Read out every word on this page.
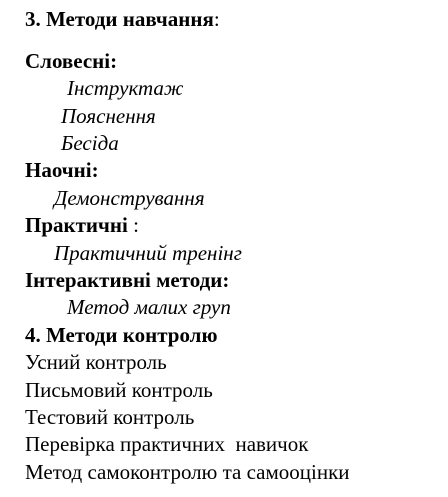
3. Методи навчання:
Словесні:
Інструктаж
Пояснення
Бесіда
Наочні:
Демонстрування
Практичні :
Практичний тренінг
Інтерактивні методи:
Метод малих груп
4. Методи контролю
Усний контроль
Письмовий контроль
Тестовий контроль
Перевірка практичних  навичок
Метод самоконтролю та самооцінки
